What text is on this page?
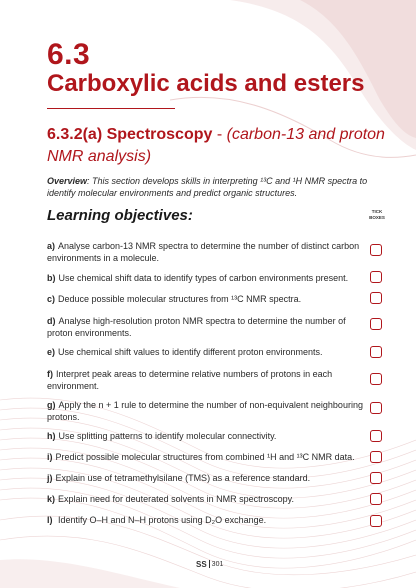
6.3
Carboxylic acids and esters
6.3.2(a) Spectroscopy - (carbon-13 and proton NMR analysis)
Overview: This section develops skills in interpreting ¹³C and ¹H NMR spectra to identify molecular environments and predict organic structures.
Learning objectives:	TICK
BOXES
a) Analyse carbon-13 NMR spectra to determine the number of distinct carbon environments in a molecule.
b) Use chemical shift data to identify types of carbon environments present.
c) Deduce possible molecular structures from ¹³C NMR spectra.
d) Analyse high-resolution proton NMR spectra to determine the number of proton environments.
e) Use chemical shift values to identify different proton environments.
f) Interpret peak areas to determine relative numbers of protons in each environment.
g) Apply the n + 1 rule to determine the number of non-equivalent neighbouring protons.
h) Use splitting patterns to identify molecular connectivity.
i) Predict possible molecular structures from combined ¹H and ¹³C NMR data.
j) Explain use of tetramethylsilane (TMS) as a reference standard.
k) Explain need for deuterated solvents in NMR spectroscopy.
l) Identify O–H and N–H protons using D₂O exchange.
SS 301
